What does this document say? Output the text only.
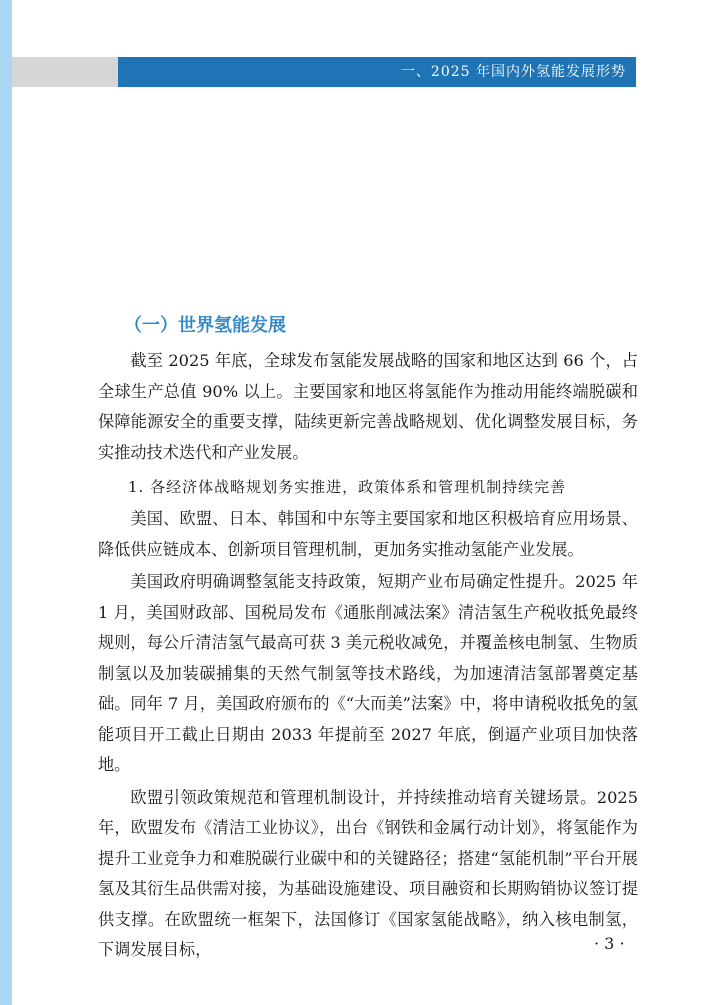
一、2025 年国内外氢能发展形势
（一）世界氢能发展

截至 2025 年底，全球发布氢能发展战略的国家和地区达到 66 个，占全球生产总值 90% 以上。主要国家和地区将氢能作为推动用能终端脱碳和保障能源安全的重要支撑，陆续更新完善战略规划、优化调整发展目标，务实推动技术迭代和产业发展。

1. 各经济体战略规划务实推进，政策体系和管理机制持续完善

美国、欧盟、日本、韩国和中东等主要国家和地区积极培育应用场景、降低供应链成本、创新项目管理机制，更加务实推动氢能产业发展。

美国政府明确调整氢能支持政策，短期产业布局确定性提升。2025 年 1 月，美国财政部、国税局发布《通胀削减法案》清洁氢生产税收抵免最终规则，每公斤清洁氢气最高可获 3 美元税收减免，并覆盖核电制氢、生物质制氢以及加装碳捕集的天然气制氢等技术路线，为加速清洁氢部署奠定基础。同年 7 月，美国政府颁布的《“大而美”法案》中，将申请税收抵免的氢能项目开工截止日期由 2033 年提前至 2027 年底，倒逼产业项目加快落地。

欧盟引领政策规范和管理机制设计，并持续推动培育关键场景。2025 年，欧盟发布《清洁工业协议》，出台《钢铁和金属行动计划》，将氢能作为提升工业竞争力和难脱碳行业碳中和的关键路径；搭建“氢能机制”平台开展氢及其衍生品供需对接，为基础设施建设、项目融资和长期购销协议签订提供支撑。在欧盟统一框架下，法国修订《国家氢能战略》，纳入核电制氢，下调发展目标，	· 3 ·
